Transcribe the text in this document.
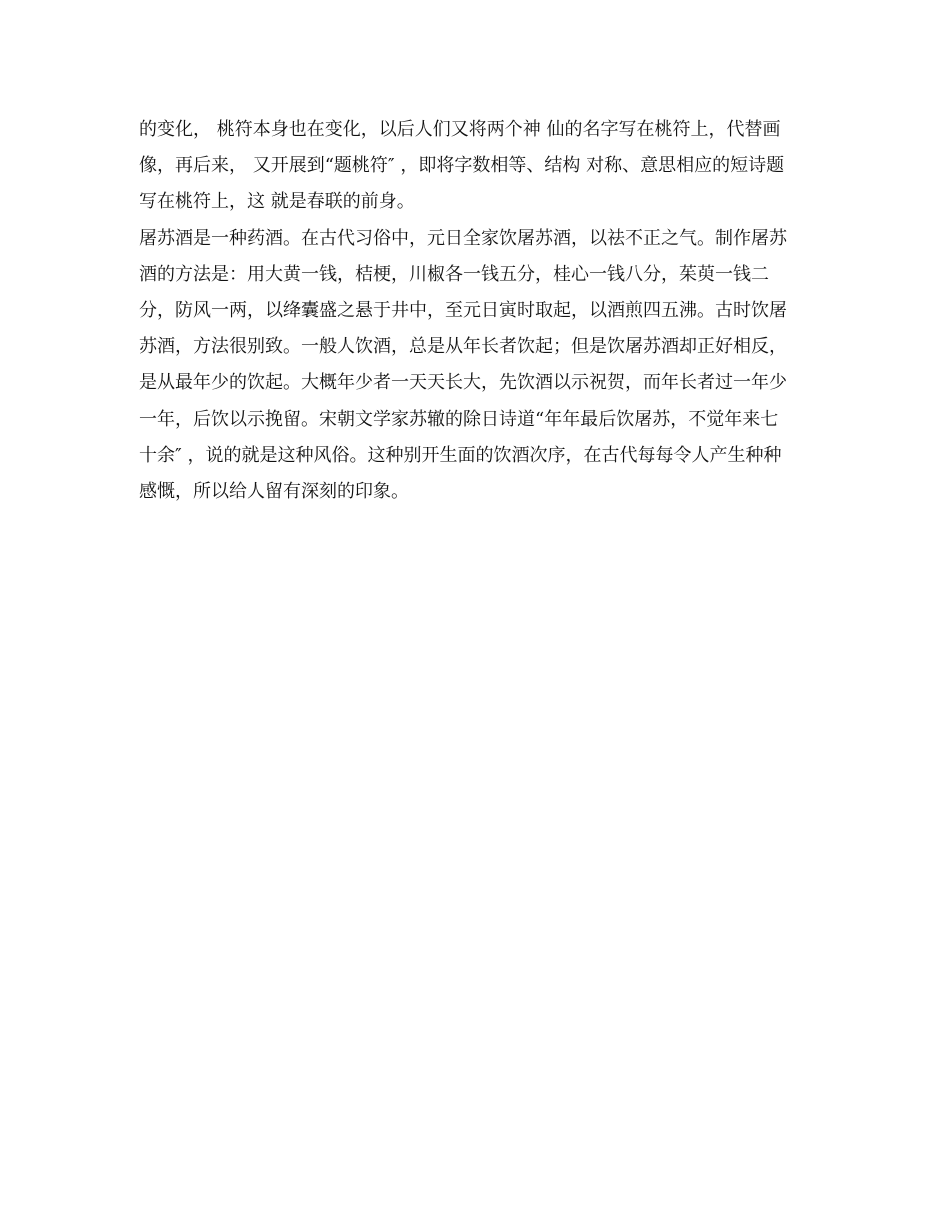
的变化， 桃符本身也在变化，以后人们又将两个神 仙的名字写在桃符上，代替画
像，再后来， 又开展到“题桃符″ ，即将字数相等、结构 对称、意思相应的短诗题
写在桃符上，这 就是春联的前身。
屠苏酒是一种药酒。在古代习俗中，元日全家饮屠苏酒，以祛不正之气。制作屠苏
酒的方法是：用大黄一钱，桔梗，川椒各一钱五分，桂心一钱八分，茱萸一钱二
分，防风一两，以绛囊盛之悬于井中，至元日寅时取起，以酒煎四五沸。古时饮屠
苏酒，方法很别致。一般人饮酒，总是从年长者饮起；但是饮屠苏酒却正好相反，
是从最年少的饮起。大概年少者一天天长大，先饮酒以示祝贺，而年长者过一年少
一年，后饮以示挽留。宋朝文学家苏辙的除日诗道“年年最后饮屠苏，不觉年来七
十余″ ，说的就是这种风俗。这种别开生面的饮酒次序，在古代每每令人产生种种
感慨，所以给人留有深刻的印象。
